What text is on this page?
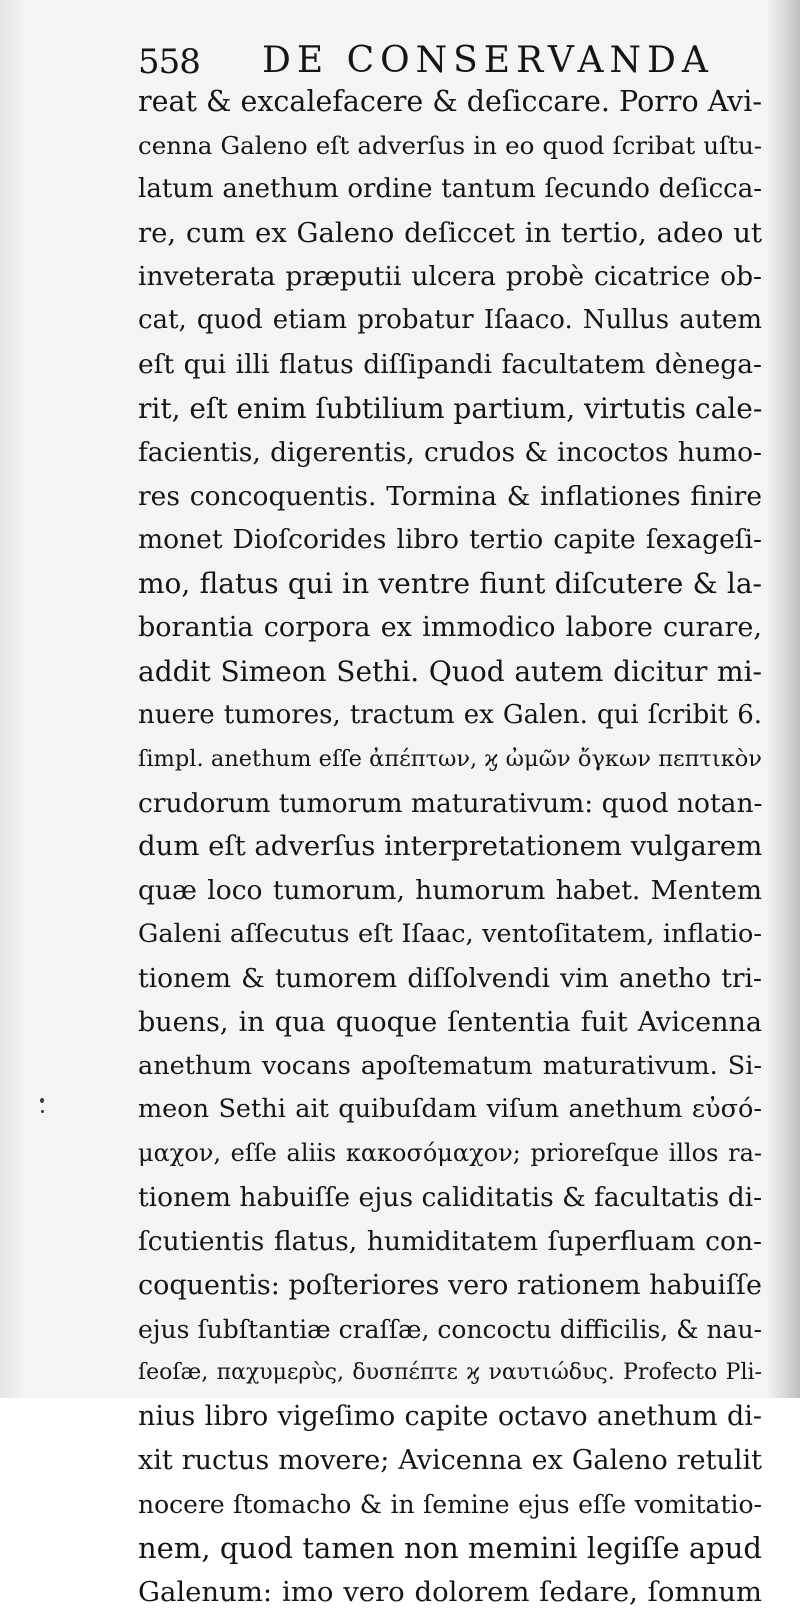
558 DE CONSERVANDA
reat & excalefacere & deſiccare. Porro Avi-
cenna Galeno eſt adverſus in eo quod ſcribat uſtu-
latum anethum ordine tantum ſecundo deſicca-
re, cum ex Galeno deſiccet in tertio, adeo ut
inveterata præputii ulcera probè cicatrice ob-
cat, quod etiam probatur Iſaaco. Nullus autem
eſt qui illi flatus diſſipandi facultatem dènega-
rit, eſt enim ſubtilium partium, virtutis cale-
facientis, digerentis, crudos & incoctos humo-
res concoquentis. Tormina & inflationes finire
monet Dioſcorides libro tertio capite ſexageſi-
mo, flatus qui in ventre fiunt diſcutere & la-
borantia corpora ex immodico labore curare,
addit Simeon Sethi. Quod autem dicitur mi-
nuere tumores, tractum ex Galen. qui ſcribit 6.
ſimpl. anethum eſſe ἀπέπτων, ϗ ὠμῶν ὄγκων πεπτικὸν
crudorum tumorum maturativum: quod notan-
dum eſt adverſus interpretationem vulgarem
quæ loco tumorum, humorum habet. Mentem
Galeni aſſecutus eſt Iſaac, ventoſitatem, inflatio-
tionem & tumorem diſſolvendi vim anetho tri-
buens, in qua quoque ſententia fuit Avicenna
anethum vocans apoſtematum maturativum. Si-
meon Sethi ait quibuſdam viſum anethum εὐσό-
μαχον, eſſe aliis κακοσόμαχον; prioreſque illos ra-
tionem habuiſſe ejus caliditatis & facultatis di-
ſcutientis flatus, humiditatem ſuperfluam con-
coquentis: poſteriores vero rationem habuiſſe
ejus ſubſtantiæ craſſæ, concoctu difficilis, & nau-
ſeoſæ, παχυμερὺς, δυσπέπτε ϗ ναυτιώδυς. Profecto Pli-
nius libro vigeſimo capite octavo anethum di-
xit ructus movere; Avicenna ex Galeno retulit
nocere ſtomacho & in ſemine ejus eſſe vomitatio-
nem, quod tamen non memini legiſſe apud
Galenum: imo vero dolorem ſedare, ſomnum
